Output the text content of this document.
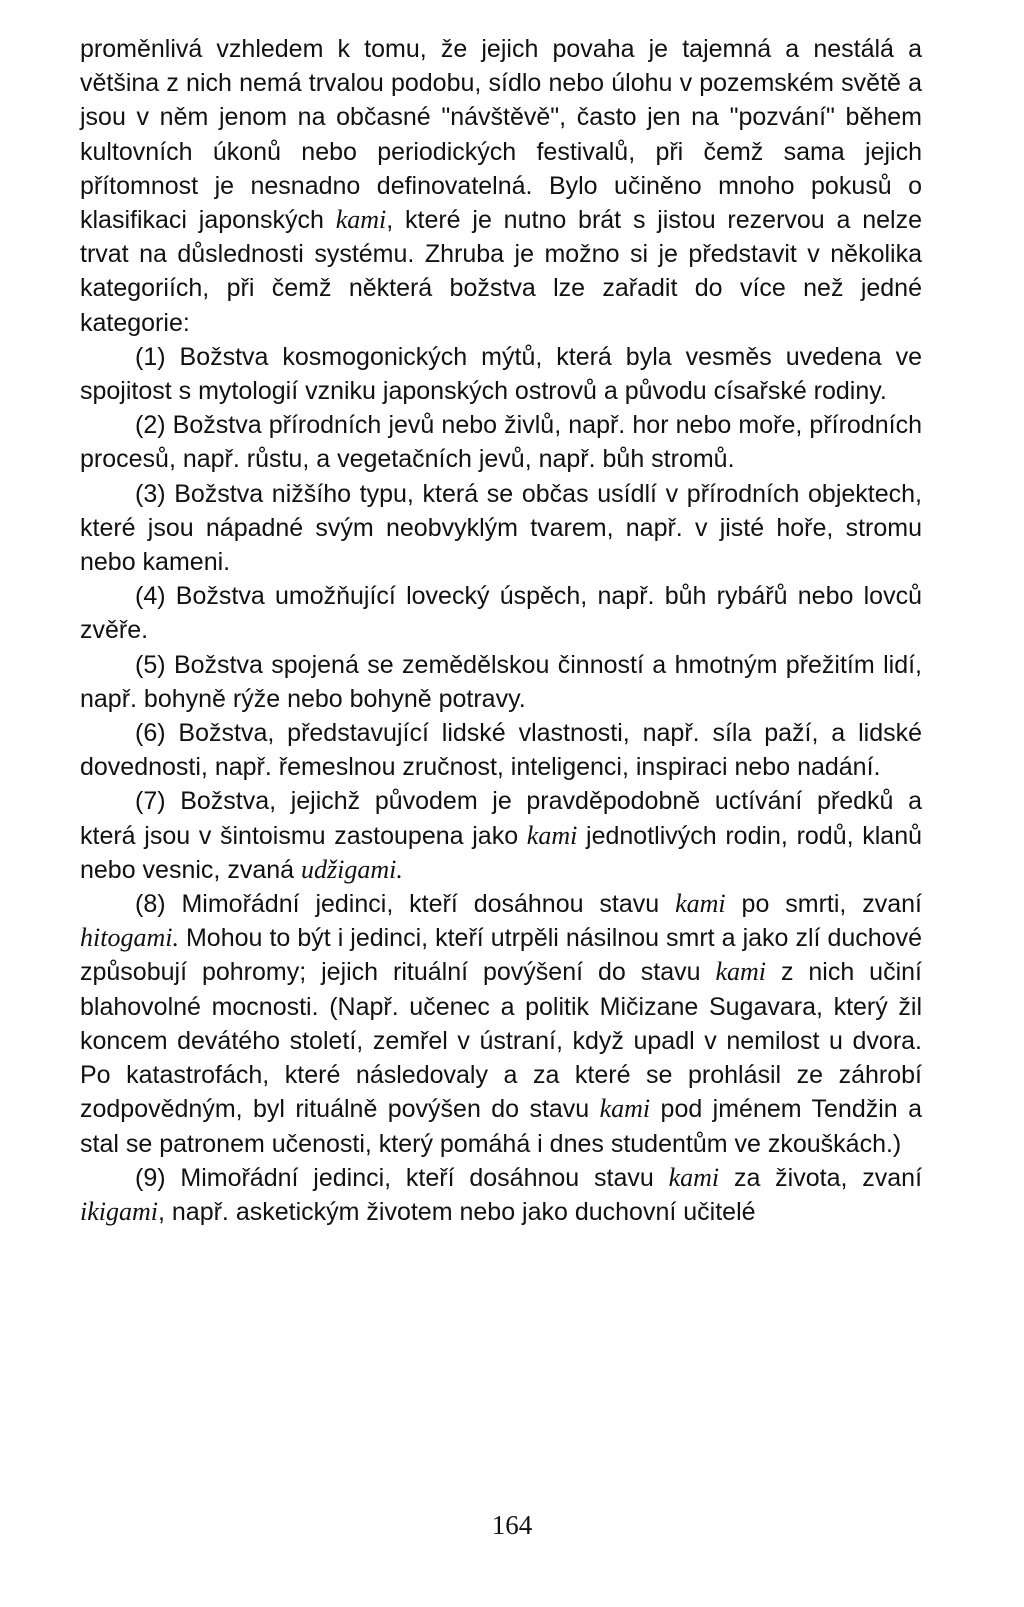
proměnlivá vzhledem k tomu, že jejich povaha je tajemná a nestálá a většina z nich nemá trvalou podobu, sídlo nebo úlohu v pozemském světě a jsou v něm jenom na občasné "návštěvě", často jen na "pozvání" během kultovních úkonů nebo periodických festivalů, při čemž sama jejich přítomnost je nesnadno definovatelná. Bylo učiněno mnoho pokusů o klasifikaci japonských kami, které je nutno brát s jistou rezervou a nelze trvat na důslednosti systému. Zhruba je možno si je představit v několika kategoriích, při čemž některá božstva lze zařadit do více než jedné kategorie:

(1) Božstva kosmogonických mýtů, která byla vesměs uvedena ve spojitost s mytologií vzniku japonských ostrovů a původu císařské rodiny.

(2) Božstva přírodních jevů nebo živlů, např. hor nebo moře, přírodních procesů, např. růstu, a vegetačních jevů, např. bůh stromů.

(3) Božstva nižšího typu, která se občas usídlí v přírodních objektech, které jsou nápadné svým neobvyklým tvarem, např. v jisté hoře, stromu nebo kameni.

(4) Božstva umožňující lovecký úspěch, např. bůh rybářů nebo lovců zvěře.

(5) Božstva spojená se zemědělskou činností a hmotným přežitím lidí, např. bohyně rýže nebo bohyně potravy.

(6) Božstva, představující lidské vlastnosti, např. síla paží, a lidské dovednosti, např. řemeslnou zručnost, inteligenci, inspiraci nebo nadání.

(7) Božstva, jejichž původem je pravděpodobně uctívání předků a která jsou v šintoismu zastoupena jako kami jednotlivých rodin, rodů, klanů nebo vesnic, zvaná udžigami.

(8) Mimořádní jedinci, kteří dosáhnou stavu kami po smrti, zvaní hitogami. Mohou to být i jedinci, kteří utrpěli násilnou smrt a jako zlí duchové způsobují pohromy; jejich rituální povýšení do stavu kami z nich učiní blahovolné mocnosti. (Např. učenec a politik Mičizane Sugavara, který žil koncem devátého století, zemřel v ústraní, když upadl v nemilost u dvora. Po katastrofách, které následovaly a za které se prohlásil ze záhrobí zodpovědným, byl rituálně povýšen do stavu kami pod jménem Tendžin a stal se patronem učenosti, který pomáhá i dnes studentům ve zkouškách.)

(9) Mimořádní jedinci, kteří dosáhnou stavu kami za života, zvaní ikigami, např. asketickým životem nebo jako duchovní učitelé

164
